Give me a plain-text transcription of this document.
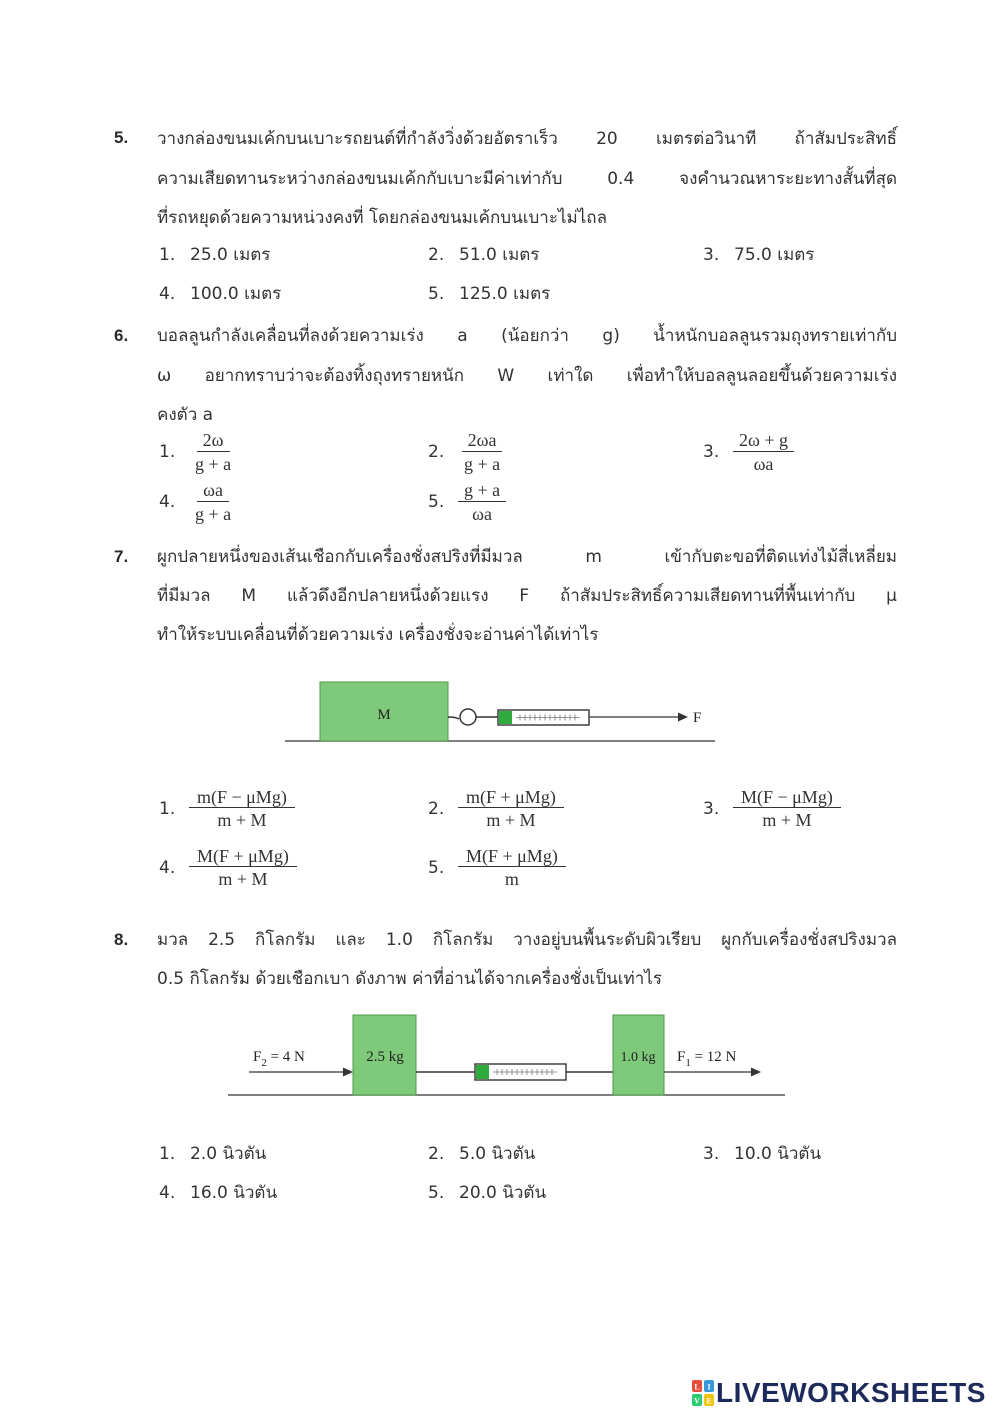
5. วางกล่องขนมเค้กบนเบาะรถยนต์ที่กำลังวิ่งด้วยอัตราเร็ว 20 เมตรต่อวินาที ถ้าสัมประสิทธิ์
ความเสียดทานระหว่างกล่องขนมเค้กกับเบาะมีค่าเท่ากับ 0.4 จงคำนวณหาระยะทางสั้นที่สุด
ที่รถหยุดด้วยความหน่วงคงที่ โดยกล่องขนมเค้กบนเบาะไม่ไถล
1. 25.0 เมตร	2. 51.0 เมตร	3. 75.0 เมตร
4. 100.0 เมตร	5. 125.0 เมตร
6. บอลลูนกำลังเคลื่อนที่ลงด้วยความเร่ง a (น้อยกว่า g) น้ำหนักบอลลูนรวมถุงทรายเท่ากับ
ω อยากทราบว่าจะต้องทิ้งถุงทรายหนัก W เท่าใด เพื่อทำให้บอลลูนลอยขึ้นด้วยความเร่ง
คงตัว a
1. $\frac{2\omega}{g + a}$	2. $\frac{2\omega a}{g + a}$	3. $\frac{2\omega + g}{\omega a}$
4. $\frac{\omega a}{g + a}$	5. $\frac{g + a}{\omega a}$
7. ผูกปลายหนึ่งของเส้นเชือกกับเครื่องชั่งสปริงที่มีมวล m เข้ากับตะขอที่ติดแท่งไม้สี่เหลี่ยม
ที่มีมวล M แล้วดึงอีกปลายหนึ่งด้วยแรง F ถ้าสัมประสิทธิ์ความเสียดทานที่พื้นเท่ากับ μ
ทำให้ระบบเคลื่อนที่ด้วยความเร่ง เครื่องชั่งจะอ่านค่าได้เท่าไร
M	F
1. $\frac{\text{m(F − μMg)}}{m + M}$	2. $\frac{\text{m(F + μMg)}}{m + M}$	3. $\frac{\text{M(F − μMg)}}{m + M}$
4. $\frac{\text{M(F + μMg)}}{m + M}$	5. $\frac{\text{M(F + μMg)}}{m}$
8. มวล 2.5 กิโลกรัม และ 1.0 กิโลกรัม วางอยู่บนพื้นระดับผิวเรียบ ผูกกับเครื่องชั่งสปริงมวล
0.5 กิโลกรัม ด้วยเชือกเบา ดังภาพ ค่าที่อ่านได้จากเครื่องชั่งเป็นเท่าไร
$F_2 = 4$ N	2.5 kg	1.0 kg $F_1 = 12$ N
1. 2.0 นิวตัน	2. 5.0 นิวตัน	3. 10.0 นิวตัน
4. 16.0 นิวตัน	5. 20.0 นิวตัน
L I
V E LIVEWORKSHEETS
